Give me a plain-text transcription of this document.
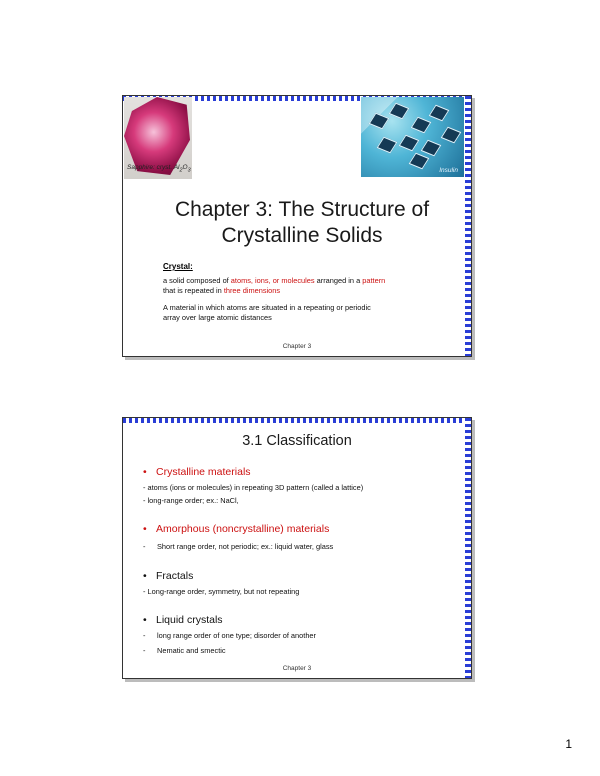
Sapphire: cryst. $Al_2O_3$	Insulin
Chapter 3: The Structure of
Crystalline Solids
Crystal:
a solid composed of atoms, ions, or molecules arranged in a pattern
that is repeated in three dimensions
A material in which atoms are situated in a repeating or periodic
array over large atomic distances
Chapter 3
3.1 Classification
• Crystalline materials
- atoms (ions or molecules) in repeating 3D pattern (called a lattice)
- long-range order; ex.: NaCl,
• Amorphous (noncrystalline) materials
- Short range order, not periodic; ex.: liquid water, glass
• Fractals
- Long-range order, symmetry, but not repeating
• Liquid crystals
- long range order of one type; disorder of another
- Nematic and smectic
Chapter 3
1
